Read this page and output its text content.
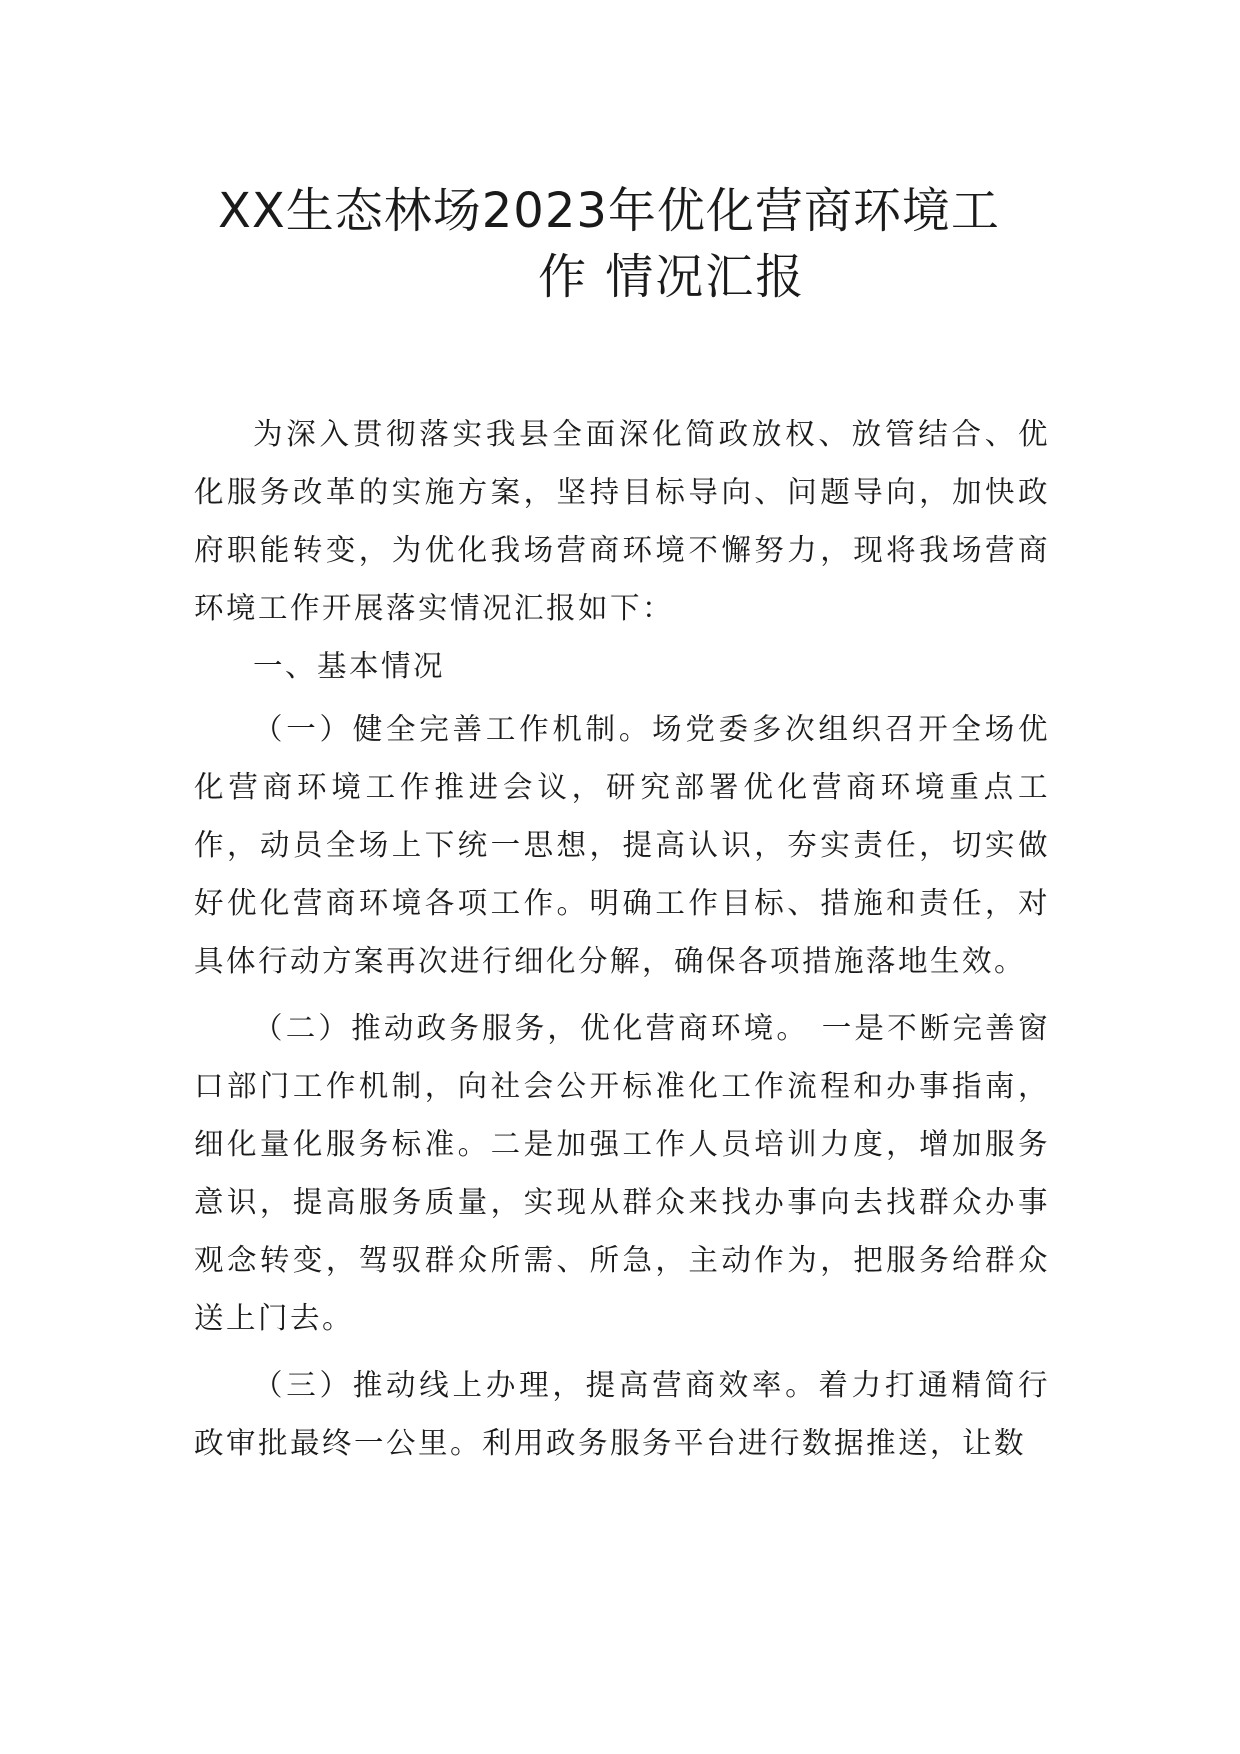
XX生态林场2023年优化营商环境工
作 情况汇报

为深入贯彻落实我县全面深化简政放权、放管结合、优化服务改革的实施方案，坚持目标导向、问题导向，加快政府职能转变，为优化我场营商环境不懈努力，现将我场营商环境工作开展落实情况汇报如下：

一、基本情况

（一）健全完善工作机制。场党委多次组织召开全场优化营商环境工作推进会议，研究部署优化营商环境重点工作，动员全场上下统一思想，提高认识，夯实责任，切实做好优化营商环境各项工作。明确工作目标、措施和责任，对具体行动方案再次进行细化分解，确保各项措施落地生效。

（二）推动政务服务，优化营商环境。 一是不断完善窗口部门工作机制，向社会公开标准化工作流程和办事指南，细化量化服务标准。二是加强工作人员培训力度，增加服务意识，提高服务质量，实现从群众来找办事向去找群众办事观念转变，驾驭群众所需、所急，主动作为，把服务给群众送上门去。

（三）推动线上办理，提高营商效率。着力打通精简行政审批最终一公里。利用政务服务平台进行数据推送，让数
